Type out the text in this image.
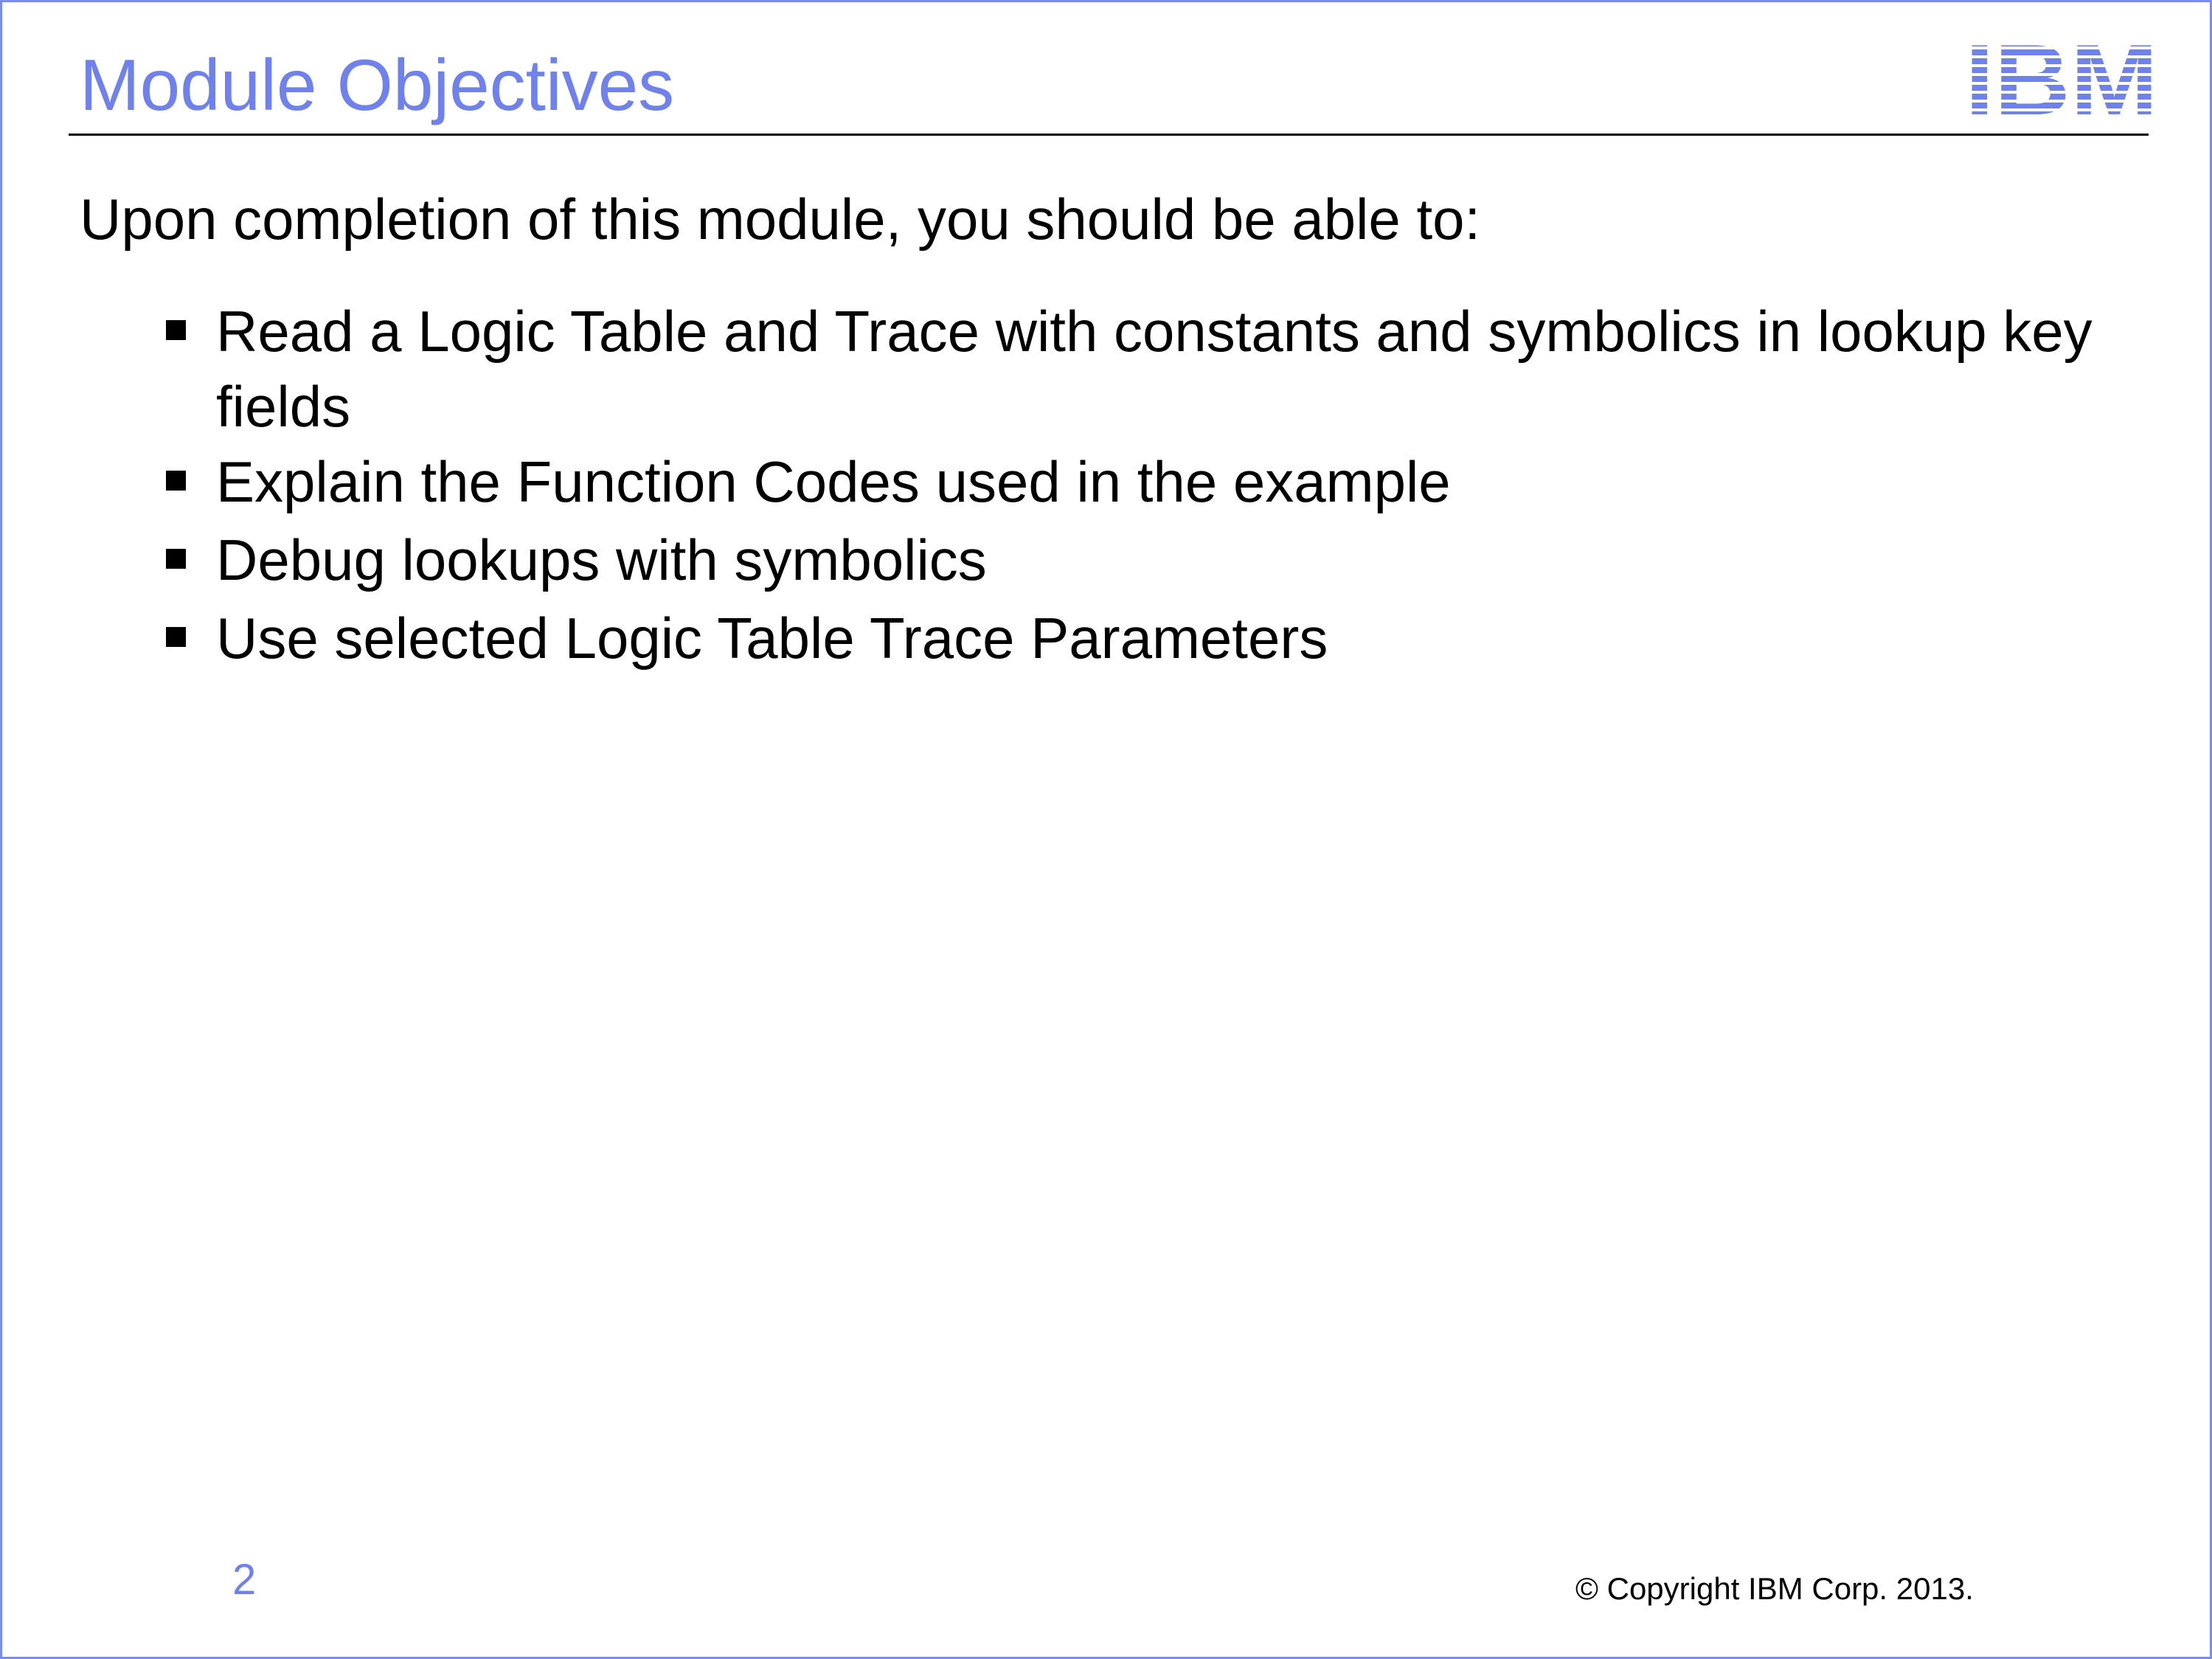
Module Objectives

Upon completion of this module, you should be able to:

Read a Logic Table and Trace with constants and symbolics in lookup key fields
Explain the Function Codes used in the example
Debug lookups with symbolics
Use selected Logic Table Trace Parameters
2	© Copyright IBM Corp. 2013.
